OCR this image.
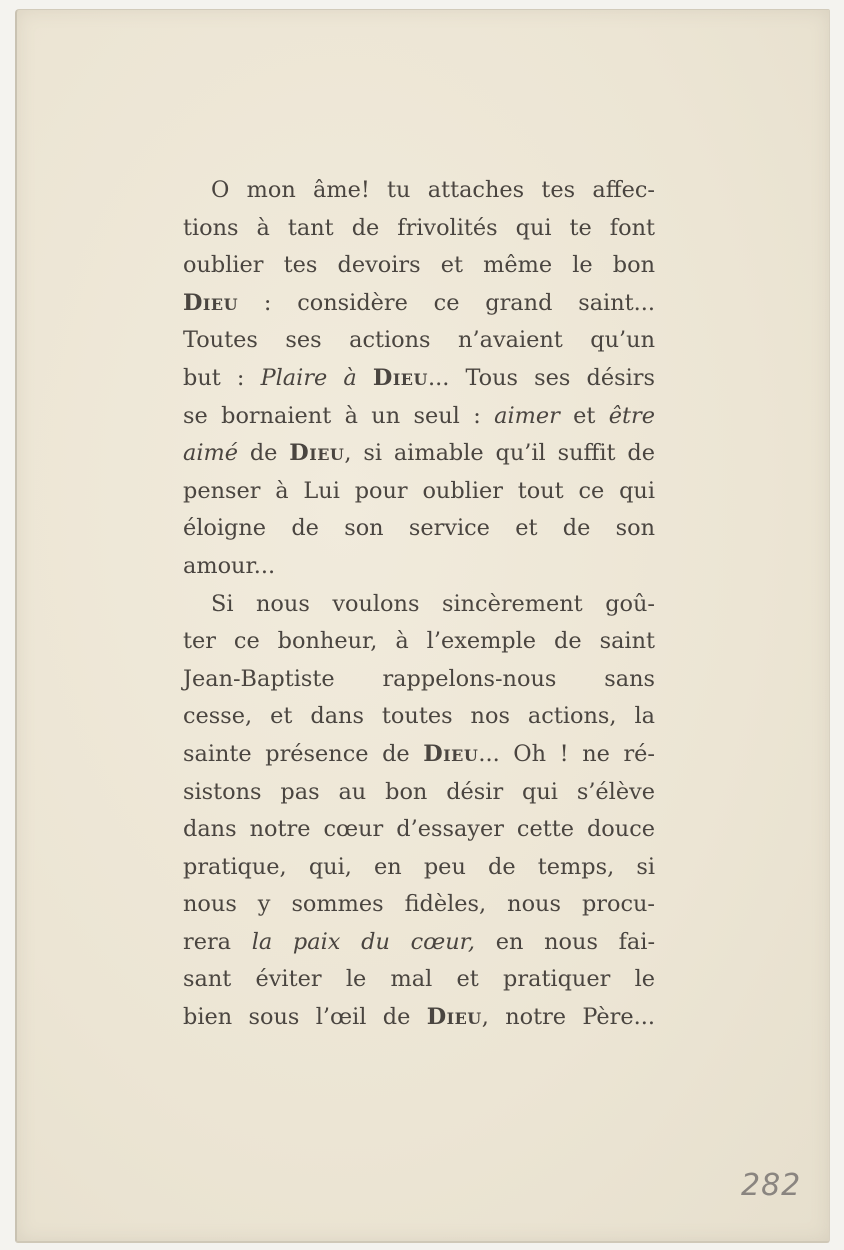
O mon âme! tu attaches tes affec-
tions à tant de frivolités qui te font
oublier tes devoirs et même le bon
Dieu : considère ce grand saint...
Toutes ses actions n’avaient qu’un
but : Plaire à Dieu... Tous ses désirs
se bornaient à un seul : aimer et être
aimé de Dieu, si aimable qu’il suffit de
penser à Lui pour oublier tout ce qui
éloigne de son service et de son
amour...
Si nous voulons sincèrement goû-
ter ce bonheur, à l’exemple de saint
Jean-Baptiste rappelons-nous sans
cesse, et dans toutes nos actions, la
sainte présence de Dieu... Oh ! ne ré-
sistons pas au bon désir qui s’élève
dans notre cœur d’essayer cette douce
pratique, qui, en peu de temps, si
nous y sommes fidèles, nous procu-
rera la paix du cœur, en nous fai-
sant éviter le mal et pratiquer le
bien sous l’œil de Dieu, notre Père...
282
